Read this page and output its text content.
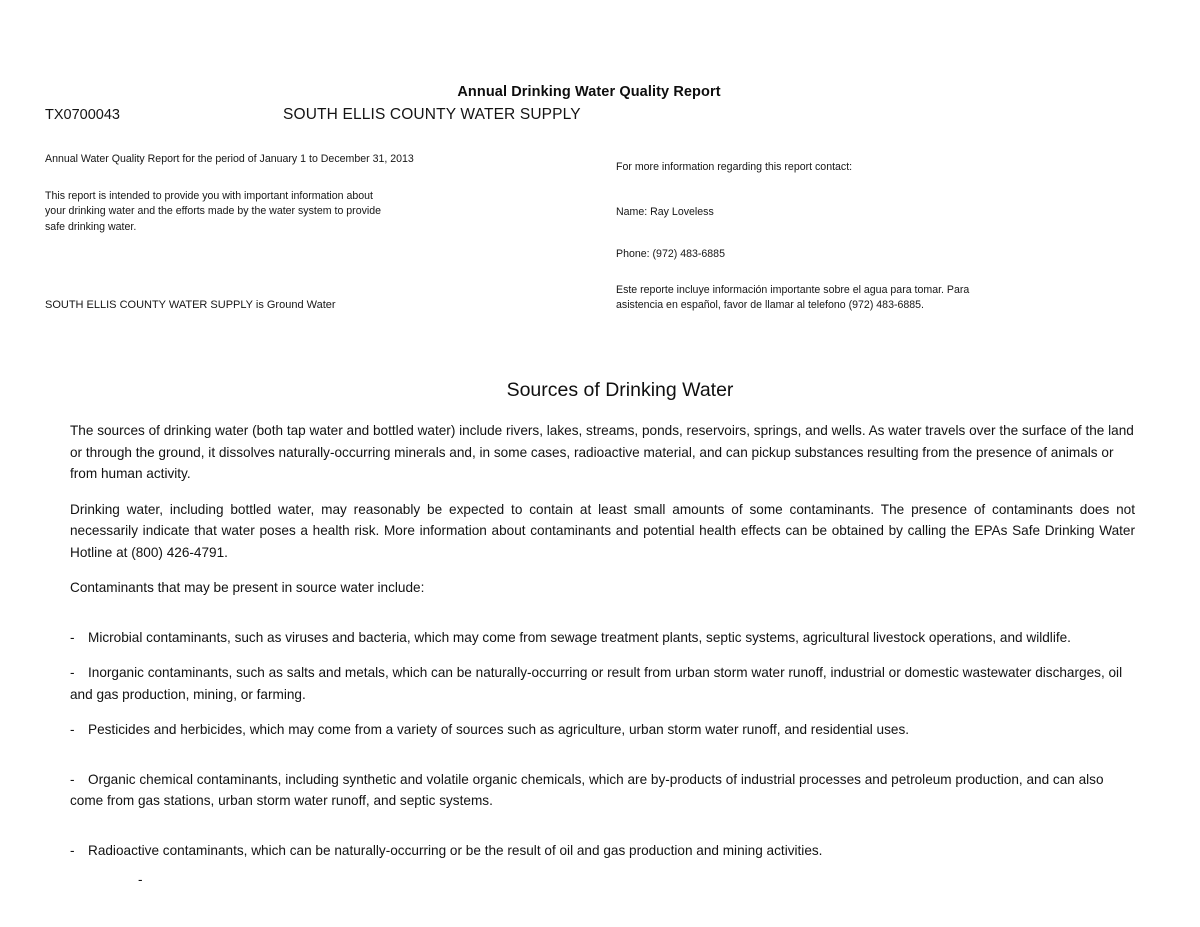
Annual Drinking Water Quality Report
TX0700043	SOUTH ELLIS COUNTY WATER SUPPLY

Annual Water Quality Report for the period of January 1 to December 31, 2013

This report is intended to provide you with important information about
your drinking water and the efforts made by the water system to provide
safe drinking water.

SOUTH ELLIS COUNTY WATER SUPPLY is Ground Water

For more information regarding this report contact:

Name: Ray Loveless

Phone: (972) 483-6885

Este reporte incluye información importante sobre el agua para tomar. Para
asistencia en español, favor de llamar al telefono (972) 483-6885.
Sources of Drinking Water

The sources of drinking water (both tap water and bottled water) include rivers, lakes, streams, ponds, reservoirs, springs, and wells. As water travels over the surface of the land or through the ground, it dissolves naturally-occurring minerals and, in some cases, radioactive material, and can pickup substances resulting from the presence of animals or from human activity.

Drinking water, including bottled water, may reasonably be expected to contain at least small amounts of some contaminants. The presence of contaminants does not necessarily indicate that water poses a health risk. More information about contaminants and potential health effects can be obtained by calling the EPAs Safe Drinking Water Hotline at (800) 426-4791.

Contaminants that may be present in source water include:

- Microbial contaminants, such as viruses and bacteria, which may come from sewage treatment plants, septic systems, agricultural livestock operations, and wildlife.
- Inorganic contaminants, such as salts and metals, which can be naturally-occurring or result from urban storm water runoff, industrial or domestic wastewater discharges, oil and gas production, mining, or farming.
- Pesticides and herbicides, which may come from a variety of sources such as agriculture, urban storm water runoff, and residential uses.
- Organic chemical contaminants, including synthetic and volatile organic chemicals, which are by-products of industrial processes and petroleum production, and can also come from gas stations, urban storm water runoff, and septic systems.
- Radioactive contaminants, which can be naturally-occurring or be the result of oil and gas production and mining activities.
-
